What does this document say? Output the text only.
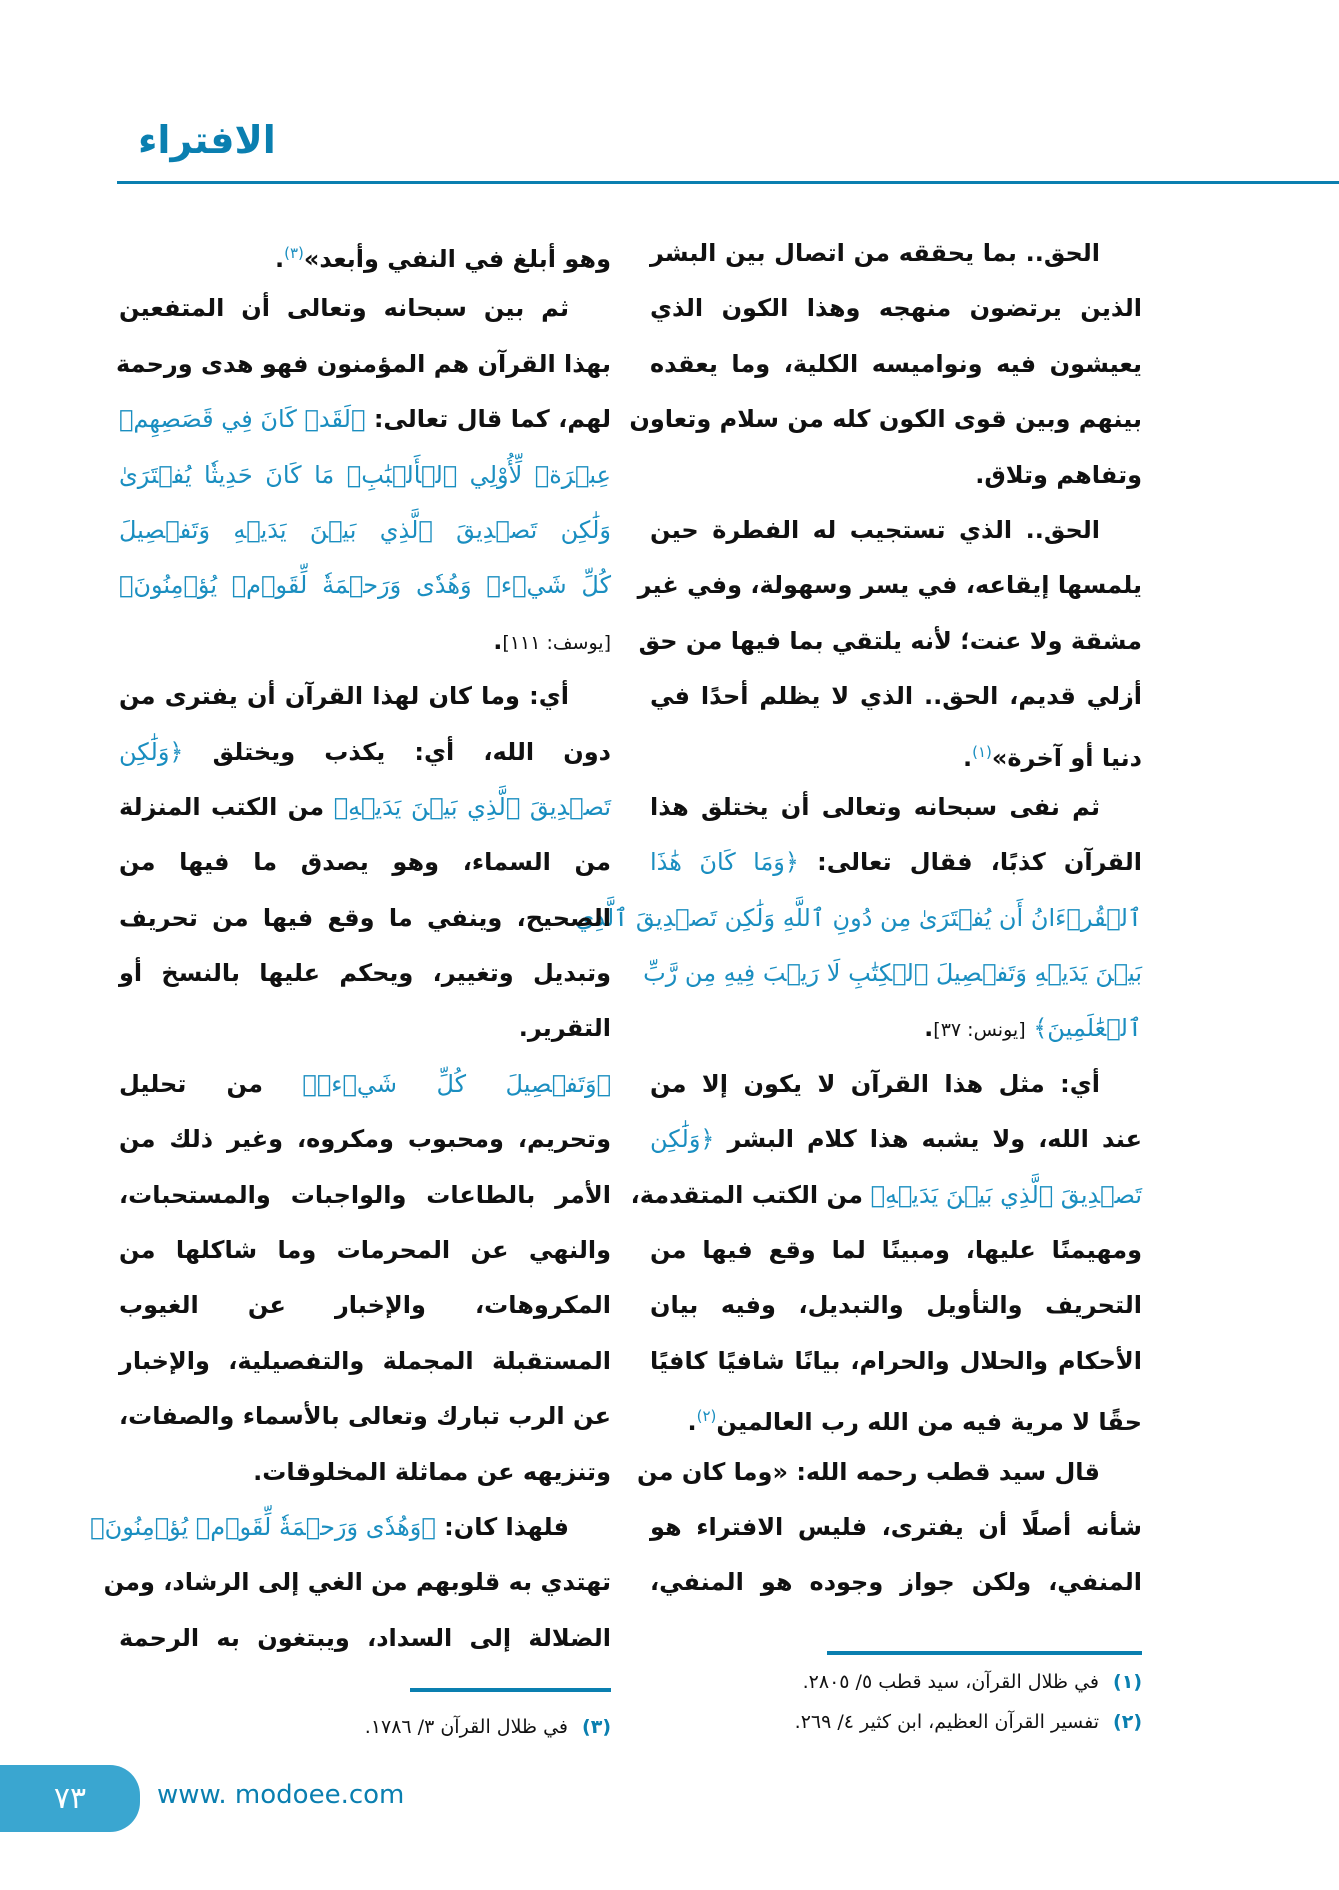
الافتراء
الحق.. بما يحققه من اتصال بين البشر
الذين يرتضون منهجه وهذا الكون الذي
يعيشون فيه ونواميسه الكلية، وما يعقده
بينهم وبين قوى الكون كله من سلام وتعاون
وتفاهم وتلاق.
الحق.. الذي تستجيب له الفطرة حين
يلمسها إيقاعه، في يسر وسهولة، وفي غير
مشقة ولا عنت؛ لأنه يلتقي بما فيها من حق
أزلي قديم، الحق.. الذي لا يظلم أحدًا في
دنيا أو آخرة»$^{(١)}$.
ثم نفى سبحانه وتعالى أن يختلق هذا
القرآن كذبًا، فقال تعالى: ﴿وَمَا كَانَ هَٰذَا
ٱلۡقُرۡءَانُ أَن يُفۡتَرَىٰ مِن دُونِ ٱللَّهِ وَلَٰكِن تَصۡدِيقَ ٱلَّذِي
بَيۡنَ يَدَيۡهِ وَتَفۡصِيلَ ٱلۡكِتَٰبِ لَا رَيۡبَ فِيهِ مِن رَّبِّ
ٱلۡعَٰلَمِينَ﴾ [يونس: ٣٧].
أي: مثل هذا القرآن لا يكون إلا من
عند الله، ولا يشبه هذا كلام البشر ﴿وَلَٰكِن
تَصۡدِيقَ ٱلَّذِي بَيۡنَ يَدَيۡهِ﴾ من الكتب المتقدمة،
ومهيمنًا عليها، ومبينًا لما وقع فيها من
التحريف والتأويل والتبديل، وفيه بيان
الأحكام والحلال والحرام، بيانًا شافيًا كافيًا
حقًا لا مرية فيه من الله رب العالمين$^{(٢)}$.
قال سيد قطب رحمه الله: «وما كان من
شأنه أصلًا أن يفترى، فليس الافتراء هو
المنفي، ولكن جواز وجوده هو المنفي،
وهو أبلغ في النفي وأبعد»$^{(٣)}$.
ثم بين سبحانه وتعالى أن المتفعين
بهذا القرآن هم المؤمنون فهو هدى ورحمة
لهم، كما قال تعالى: ﴿لَقَدۡ كَانَ فِي قَصَصِهِمۡ
عِبۡرَةٞ لِّأُوْلِي ٱلۡأَلۡبَٰبِۗ مَا كَانَ حَدِيثٗا يُفۡتَرَىٰ
وَلَٰكِن تَصۡدِيقَ ٱلَّذِي بَيۡنَ يَدَيۡهِ وَتَفۡصِيلَ
كُلِّ شَيۡءٖ وَهُدٗى وَرَحۡمَةٗ لِّقَوۡمٖ يُؤۡمِنُونَ﴾
[يوسف: ١١١].
أي: وما كان لهذا القرآن أن يفترى من
دون الله، أي: يكذب ويختلق ﴿وَلَٰكِن
تَصۡدِيقَ ٱلَّذِي بَيۡنَ يَدَيۡهِ﴾ من الكتب المنزلة
من السماء، وهو يصدق ما فيها من
الصحيح، وينفي ما وقع فيها من تحريف
وتبديل وتغيير، ويحكم عليها بالنسخ أو
التقرير.
﴿وَتَفۡصِيلَ كُلِّ شَيۡءٖ﴾ من تحليل
وتحريم، ومحبوب ومكروه، وغير ذلك من
الأمر بالطاعات والواجبات والمستحبات،
والنهي عن المحرمات وما شاكلها من
المكروهات، والإخبار عن الغيوب
المستقبلة المجملة والتفصيلية، والإخبار
عن الرب تبارك وتعالى بالأسماء والصفات،
وتنزيهه عن مماثلة المخلوقات.
فلهذا كان: ﴿وَهُدٗى وَرَحۡمَةٗ لِّقَوۡمٖ يُؤۡمِنُونَ﴾
تهتدي به قلوبهم من الغي إلى الرشاد، ومن
الضلالة إلى السداد، ويبتغون به الرحمة
(١)في ظلال القرآن، سيد قطب ٥/ ٢٨٠٥.
(٢)تفسير القرآن العظيم، ابن كثير ٤/ ٢٦٩.
(٣)في ظلال القرآن ٣/ ١٧٨٦.
٧٣	www. modoee.com
